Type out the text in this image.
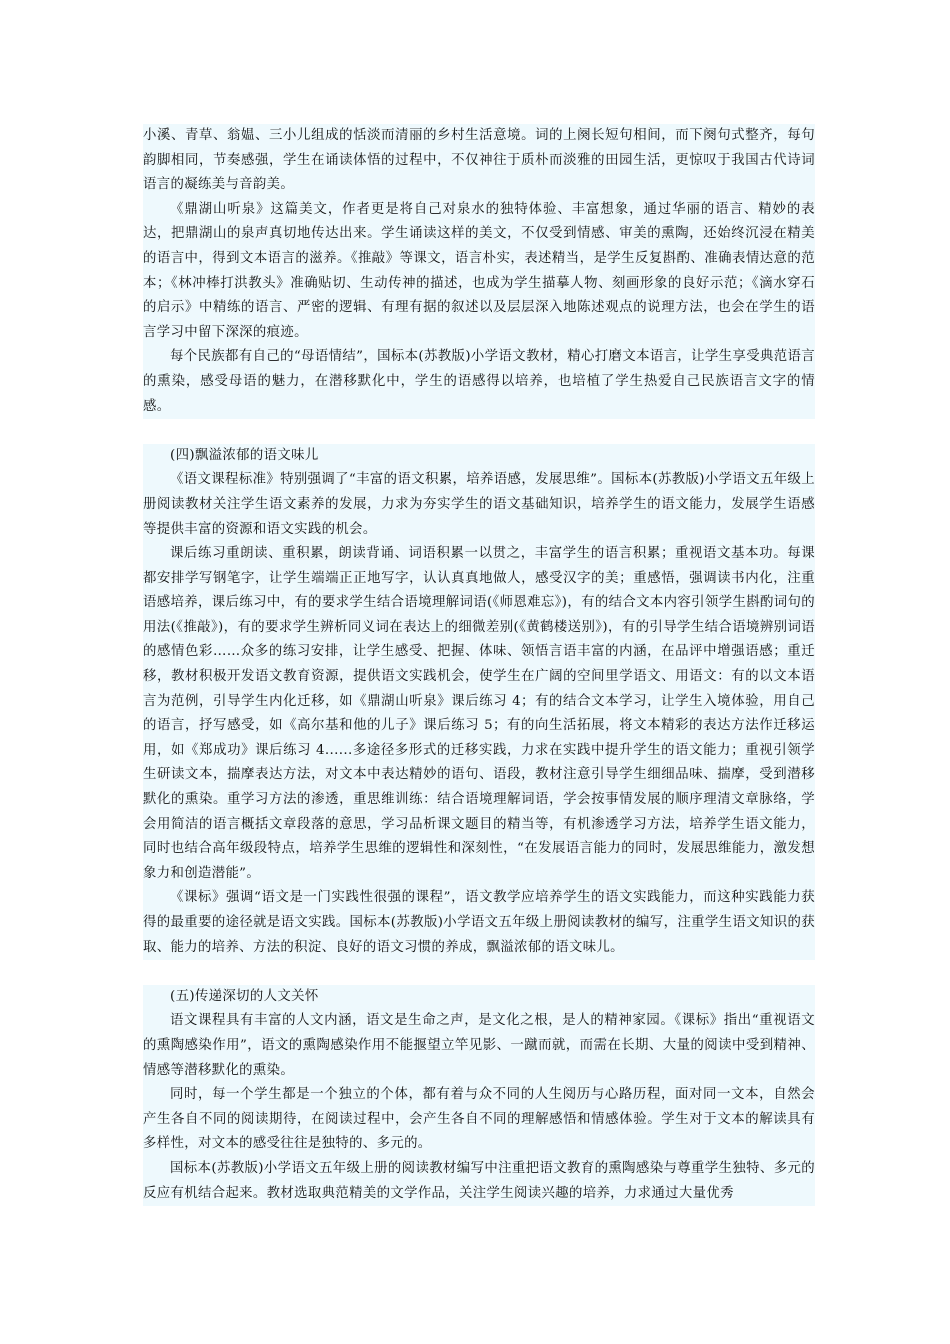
小溪、青草、翁媪、三小儿组成的恬淡而清丽的乡村生活意境。词的上阕长短句相间，而下阕句式整齐，每句韵脚相同，节奏感强，学生在诵读体悟的过程中，不仅神往于质朴而淡雅的田园生活，更惊叹于我国古代诗词语言的凝练美与音韵美。

《鼎湖山听泉》这篇美文，作者更是将自己对泉水的独特体验、丰富想象，通过华丽的语言、精妙的表达，把鼎湖山的泉声真切地传达出来。学生诵读这样的美文，不仅受到情感、审美的熏陶，还始终沉浸在精美的语言中，得到文本语言的滋养。《推敲》等课文，语言朴实，表述精当，是学生反复斟酌、准确表情达意的范本；《林冲棒打洪教头》准确贴切、生动传神的描述，也成为学生描摹人物、刻画形象的良好示范；《滴水穿石的启示》中精练的语言、严密的逻辑、有理有据的叙述以及层层深入地陈述观点的说理方法，也会在学生的语言学习中留下深深的痕迹。

每个民族都有自己的“母语情结”，国标本(苏教版)小学语文教材，精心打磨文本语言，让学生享受典范语言的熏染，感受母语的魅力，在潜移默化中，学生的语感得以培养，也培植了学生热爱自己民族语言文字的情感。

(四)飘溢浓郁的语文味儿

《语文课程标准》特别强调了“丰富的语文积累，培养语感，发展思维”。国标本(苏教版)小学语文五年级上册阅读教材关注学生语文素养的发展，力求为夯实学生的语文基础知识，培养学生的语文能力，发展学生语感等提供丰富的资源和语文实践的机会。

课后练习重朗读、重积累，朗读背诵、词语积累一以贯之，丰富学生的语言积累；重视语文基本功。每课都安排学写钢笔字，让学生端端正正地写字，认认真真地做人，感受汉字的美；重感悟，强调读书内化，注重语感培养，课后练习中，有的要求学生结合语境理解词语(《师恩难忘》)，有的结合文本内容引领学生斟酌词句的用法(《推敲》)，有的要求学生辨析同义词在表达上的细微差别(《黄鹤楼送别》)，有的引导学生结合语境辨别词语的感情色彩……众多的练习安排，让学生感受、把握、体味、领悟言语丰富的内涵，在品评中增强语感；重迁移，教材积极开发语文教育资源，提供语文实践机会，使学生在广阔的空间里学语文、用语文：有的以文本语言为范例，引导学生内化迁移，如《鼎湖山听泉》课后练习 4；有的结合文本学习，让学生入境体验，用自己的语言，抒写感受，如《高尔基和他的儿子》课后练习 5；有的向生活拓展，将文本精彩的表达方法作迁移运用，如《郑成功》课后练习 4......多途径多形式的迁移实践，力求在实践中提升学生的语文能力；重视引领学生研读文本，揣摩表达方法，对文本中表达精妙的语句、语段，教材注意引导学生细细品味、揣摩，受到潜移默化的熏染。重学习方法的渗透，重思维训练：结合语境理解词语，学会按事情发展的顺序理清文章脉络，学会用简洁的语言概括文章段落的意思，学习品析课文题目的精当等，有机渗透学习方法，培养学生语文能力，同时也结合高年级段特点，培养学生思维的逻辑性和深刻性，“在发展语言能力的同时，发展思维能力，激发想象力和创造潜能”。

《课标》强调“语文是一门实践性很强的课程”，语文教学应培养学生的语文实践能力，而这种实践能力获得的最重要的途径就是语文实践。国标本(苏教版)小学语文五年级上册阅读教材的编写，注重学生语文知识的获取、能力的培养、方法的积淀、良好的语文习惯的养成，飘溢浓郁的语文味儿。

(五)传递深切的人文关怀

语文课程具有丰富的人文内涵，语文是生命之声，是文化之根，是人的精神家园。《课标》指出“重视语文的熏陶感染作用”，语文的熏陶感染作用不能揠望立竿见影、一蹴而就，而需在长期、大量的阅读中受到精神、情感等潜移默化的熏染。

同时，每一个学生都是一个独立的个体，都有着与众不同的人生阅历与心路历程，面对同一文本，自然会产生各自不同的阅读期待，在阅读过程中，会产生各自不同的理解感悟和情感体验。学生对于文本的解读具有多样性，对文本的感受往往是独特的、多元的。

国标本(苏教版)小学语文五年级上册的阅读教材编写中注重把语文教育的熏陶感染与尊重学生独特、多元的反应有机结合起来。教材选取典范精美的文学作品，关注学生阅读兴趣的培养，力求通过大量优秀
